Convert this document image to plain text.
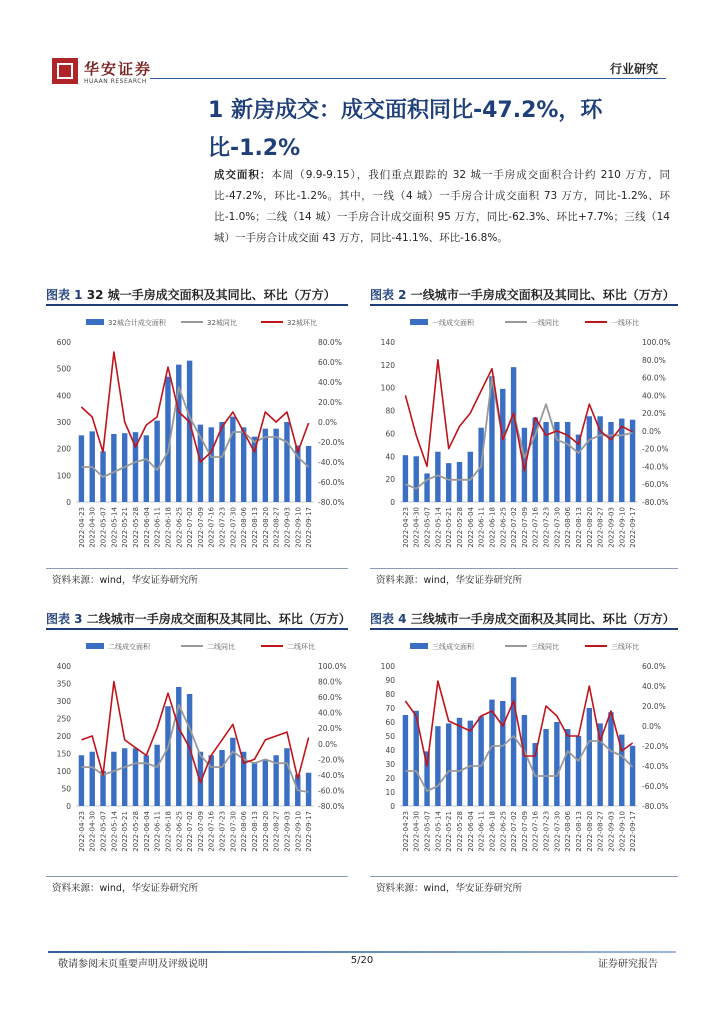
华安证券
HUAAN RESEARCH
行业研究
1 新房成交：成交面积同比-47.2%，环比-1.2%
成交面积：本周（9.9-9.15），我们重点跟踪的 32 城一手房成交面积合计约 210 万方，同比-47.2%，环比-1.2%。其中，一线（4 城）一手房合计成交面积 73 万方，同比-1.2%、环比-1.0%；二线（14 城）一手房合计成交面积 95 万方，同比-62.3%、环比+7.7%；三线（14 城）一手房合计成交面 43 万方，同比-41.1%、环比-16.8%。
图表 1 32 城一手房成交面积及其同比、环比（万方）
32城合计成交面积	32城同比	32城环比
0
100
200
300
400
500
600
-80.0%
-60.0%
-40.0%
-20.0%
0.0%
20.0%
40.0%
60.0%
80.0%
2022-04-23 2022-04-30 2022-05-07 2022-05-14 2022-05-21 2022-05-28 2022-06-04 2022-06-11 2022-06-18 2022-06-25 2022-07-02 2022-07-09 2022-07-16 2022-07-23 2022-07-30 2022-08-06 2022-08-13 2022-08-20 2022-08-27 2022-09-03 2022-09-10 2022-09-17
资料来源：wind，华安证券研究所
图表 2 一线城市一手房成交面积及其同比、环比（万方）
一线成交面积	一线同比	一线环比
0
20
40
60
80
100
120
140
-80.0%
-60.0%
-40.0%
-20.0%
0.0%
20.0%
40.0%
60.0%
80.0%
100.0%
2022-04-23 2022-04-30 2022-05-07 2022-05-14 2022-05-21 2022-05-28 2022-06-04 2022-06-11 2022-06-18 2022-06-25 2022-07-02 2022-07-09 2022-07-16 2022-07-23 2022-07-30 2022-08-06 2022-08-13 2022-08-20 2022-08-27 2022-09-03 2022-09-10 2022-09-17
资料来源：wind，华安证券研究所
图表 3 二线城市一手房成交面积及其同比、环比（万方）
二线成交面积	二线同比	二线环比
0
50
100
150
200
250
300
350
400
-80.0%
-60.0%
-40.0%
-20.0%
0.0%
20.0%
40.0%
60.0%
80.0%
100.0%
2022-04-23 2022-04-30 2022-05-07 2022-05-14 2022-05-21 2022-05-28 2022-06-04 2022-06-11 2022-06-18 2022-06-25 2022-07-02 2022-07-09 2022-07-16 2022-07-23 2022-07-30 2022-08-06 2022-08-13 2022-08-20 2022-08-27 2022-09-03 2022-09-10 2022-09-17
资料来源：wind，华安证券研究所
图表 4 三线城市一手房成交面积及其同比、环比（万方）
三线成交面积	三线同比	三线环比
0
10
20
30
40
50
60
70
80
90
100
-80.0%
-60.0%
-40.0%
-20.0%
0.0%
20.0%
40.0%
60.0%
2022-04-23 2022-04-30 2022-05-07 2022-05-14 2022-05-21 2022-05-28 2022-06-04 2022-06-11 2022-06-18 2022-06-25 2022-07-02 2022-07-09 2022-07-16 2022-07-23 2022-07-30 2022-08-06 2022-08-13 2022-08-20 2022-08-27 2022-09-03 2022-09-10 2022-09-17
资料来源：wind，华安证券研究所
敬请参阅末页重要声明及评级说明	5/20	证券研究报告
